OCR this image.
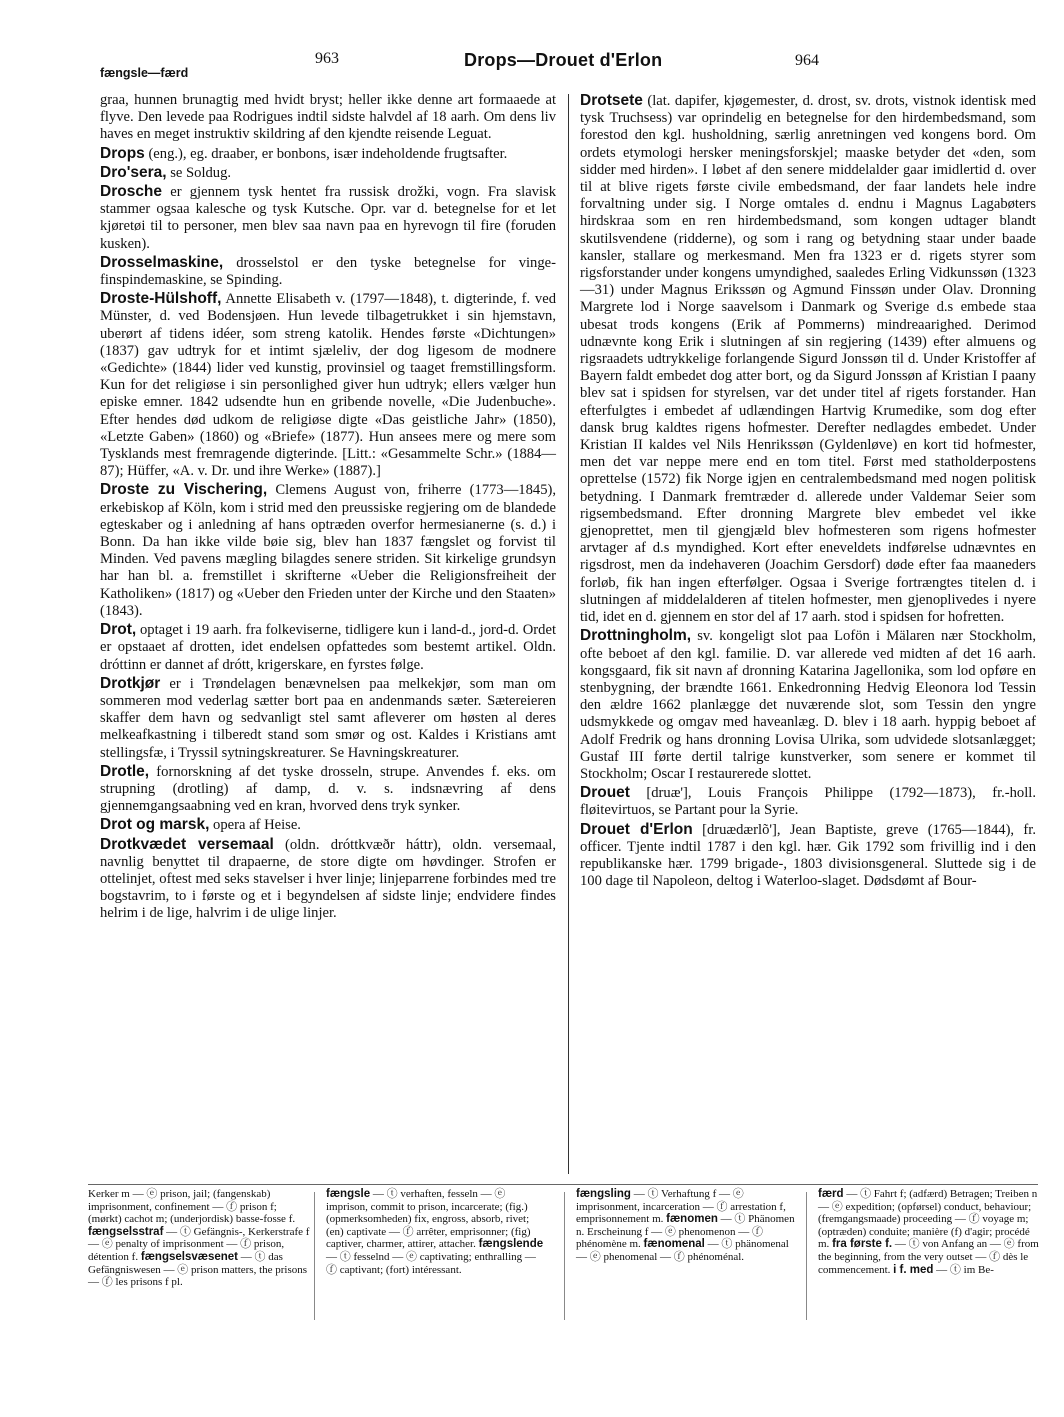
fængsle—færd
963	Drops—Drouet d'Erlon	964
graa, hunnen brunagtig med hvidt bryst; heller ikke denne art formaaede at flyve. Den levede paa Rodrigues indtil sidste halvdel af 18 aarh. Om dens liv haves en meget instruktiv skildring af den kjendte reisende Leguat.
Drops (eng.), eg. draaber, er bonbons, især indeholdende frugtsafter.
Dro'sera, se Soldug.
Drosche er gjennem tysk hentet fra russisk drožki, vogn. Fra slavisk stammer ogsaa kalesche og tysk Kutsche. Opr. var d. betegnelse for et let kjøretøi til to personer, men blev saa navn paa en hyrevogn til fire (foruden kusken).
Drosselmaskine, drosselstol er den tyske betegnelse for vinge-finspindemaskine, se Spinding.
Droste-Hülshoff, Annette Elisabeth v. (1797—1848), t. digterinde, f. ved Münster, d. ved Bodensjøen. Hun levede tilbagetrukket i sin hjemstavn, uberørt af tidens idéer, som streng katolik. Hendes første «Dichtungen» (1837) gav udtryk for et intimt sjæleliv, der dog ligesom de modnere «Gedichte» (1844) lider ved kunstig, provinsiel og taaget fremstillingsform. Kun for det religiøse i sin personlighed giver hun udtryk; ellers vælger hun episke emner. 1842 udsendte hun en gribende novelle, «Die Judenbuche». Efter hendes død udkom de religiøse digte «Das geistliche Jahr» (1850), «Letzte Gaben» (1860) og «Briefe» (1877). Hun ansees mere og mere som Tysklands mest fremragende digterinde. [Litt.: «Gesammelte Schr.» (1884—87); Hüffer, «A. v. Dr. und ihre Werke» (1887).]
Droste zu Vischering, Clemens August von, friherre (1773—1845), erkebiskop af Köln, kom i strid med den preussiske regjering om de blandede egteskaber og i anledning af hans optræden overfor hermesianerne (s. d.) i Bonn. Da han ikke vilde bøie sig, blev han 1837 fængslet og forvist til Minden. Ved pavens mægling bilagdes senere striden. Sit kirkelige grundsyn har han bl. a. fremstillet i skrifterne «Ueber die Religionsfreiheit der Katholiken» (1817) og «Ueber den Frieden unter der Kirche und den Staaten» (1843).
Drot, optaget i 19 aarh. fra folkeviserne, tidligere kun i land-d., jord-d. Ordet er opstaaet af drotten, idet endelsen opfattedes som bestemt artikel. Oldn. dróttinn er dannet af drótt, krigerskare, en fyrstes følge.
Drotkjør er i Trøndelagen benævnelsen paa melkekjør, som man om sommeren mod vederlag sætter bort paa en andenmands sæter. Sætereieren skaffer dem havn og sedvanligt stel samt afleverer om høsten al deres melkeafkastning i tilberedt stand som smør og ost. Kaldes i Kristians amt stellingsfæ, i Tryssil sytningskreaturer. Se Havningskreaturer.
Drotle, fornorskning af det tyske drosseln, strupe. Anvendes f. eks. om strupning (drotling) af damp, d. v. s. indsnævring af dens gjennemgangsaabning ved en kran, hvorved dens tryk synker.
Drot og marsk, opera af Heise.
Drotkvædet versemaal (oldn. dróttkvæðr háttr), oldn. versemaal, navnlig benyttet til drapaerne, de store digte om høvdinger. Strofen er ottelinjet, oftest med seks stavelser i hver linje; linjeparrene forbindes med tre bogstavrim, to i første og et i begyndelsen af sidste linje; endvidere findes helrim i de lige, halvrim i de ulige linjer.
Drotsete (lat. dapifer, kjøgemester, d. drost, sv. drots, vistnok identisk med tysk Truchsess) var oprindelig en betegnelse for den hirdembedsmand, som forestod den kgl. husholdning, særlig anretningen ved kongens bord. Om ordets etymologi hersker meningsforskjel; maaske betyder det «den, som sidder med hirden». I løbet af den senere middelalder gaar imidlertid d. over til at blive rigets første civile embedsmand, der faar landets hele indre forvaltning under sig. I Norge omtales d. endnu i Magnus Lagabøters hirdskraa som en ren hirdembedsmand, som kongen udtager blandt skutilsvendene (ridderne), og som i rang og betydning staar under baade kansler, stallare og merkesmand. Men fra 1323 er d. rigets styrer som rigsforstander under kongens umyndighed, saaledes Erling Vidkunssøn (1323—31) under Magnus Erikssøn og Agmund Finssøn under Olav. Dronning Margrete lod i Norge saavelsom i Danmark og Sverige d.s embede staa ubesat trods kongens (Erik af Pommerns) mindreaarighed. Derimod udnævnte kong Erik i slutningen af sin regjering (1439) efter almuens og rigsraadets udtrykkelige forlangende Sigurd Jonssøn til d. Under Kristoffer af Bayern faldt embedet dog atter bort, og da Sigurd Jonssøn af Kristian I paany blev sat i spidsen for styrelsen, var det under titel af rigets forstander. Han efterfulgtes i embedet af udlændingen Hartvig Krumedike, som dog efter dansk brug kaldtes rigens hofmester. Derefter nedlagdes embedet. Under Kristian II kaldes vel Nils Henrikssøn (Gyldenløve) en kort tid hofmester, men det var neppe mere end en tom titel. Først med statholderpostens oprettelse (1572) fik Norge igjen en centralembedsmand med nogen politisk betydning. I Danmark fremtræder d. allerede under Valdemar Seier som rigsembedsmand. Efter dronning Margrete blev embedet vel ikke gjenoprettet, men til gjengjæld blev hofmesteren som rigens hofmester arvtager af d.s myndighed. Kort efter eneveldets indførelse udnævntes en rigsdrost, men da indehaveren (Joachim Gersdorf) døde efter faa maaneders forløb, fik han ingen efterfølger. Ogsaa i Sverige fortrængtes titelen d. i slutningen af middelalderen af titelen hofmester, men gjenoplivedes i nyere tid, idet en d. gjennem en stor del af 17 aarh. stod i spidsen for hofretten.
Drottningholm, sv. kongeligt slot paa Lofön i Mälaren nær Stockholm, ofte beboet af den kgl. familie. D. var allerede ved midten af det 16 aarh. kongsgaard, fik sit navn af dronning Katarina Jagellonika, som lod opføre en stenbygning, der brændte 1661. Enkedronning Hedvig Eleonora lod Tessin den ældre 1662 planlægge det nuværende slot, som Tessin den yngre udsmykkede og omgav med haveanlæg. D. blev i 18 aarh. hyppig beboet af Adolf Fredrik og hans dronning Lovisa Ulrika, som udvidede slotsanlægget; Gustaf III førte dertil talrige kunstverker, som senere er kommet til Stockholm; Oscar I restaurerede slottet.
Drouet [druæ'], Louis François Philippe (1792—1873), fr.-holl. fløitevirtuos, se Partant pour la Syrie.
Drouet d'Erlon [druædærlõ'], Jean Baptiste, greve (1765—1844), fr. officer. Tjente indtil 1787 i den kgl. hær. Gik 1792 som frivillig ind i den republikanske hær. 1799 brigade-, 1803 divisionsgeneral. Sluttede sig i de 100 dage til Napoleon, deltog i Waterloo-slaget. Dødsdømt af Bour-
Kerker m — ⓔ prison, jail; (fangenskab) imprisonment, confinement — ⓕ prison f; (mørkt) cachot m; (underjordisk) basse-fosse f. fængselsstraf — ⓣ Gefängnis-, Kerkerstrafe f — ⓔ penalty of imprisonment — ⓕ prison, détention f. fængselsvæsenet — ⓣ das Gefängniswesen — ⓔ prison matters, the prisons — ⓕ les prisons f pl.
fængsle — ⓣ verhaften, fesseln — ⓔ imprison, commit to prison, incarcerate; (fig.) (opmerksomheden) fix, engross, absorb, rivet; (en) captivate — ⓕ arrêter, emprisonner; (fig) captiver, charmer, attirer, attacher. fængslende — ⓣ fesselnd — ⓔ captivating; enthralling — ⓕ captivant; (fort) intéressant.
fængsling — ⓣ Verhaftung f — ⓔ imprisonment, incarceration — ⓕ arrestation f, emprisonnement m. fænomen — ⓣ Phänomen n. Erscheinung f — ⓔ phenomenon — ⓕ phénomène m. fænomenal — ⓣ phänomenal — ⓔ phenomenal — ⓕ phénoménal.
færd — ⓣ Fahrt f; (adfærd) Betragen; Treiben n — ⓔ expedition; (opførsel) conduct, behaviour; (fremgangsmaade) proceeding — ⓕ voyage m; (optræden) conduite; manière (f) d'agir; procédé m. fra første f. — ⓣ von Anfang an — ⓔ from the beginning, from the very outset — ⓕ dès le commencement. i f. med — ⓣ im Be-
